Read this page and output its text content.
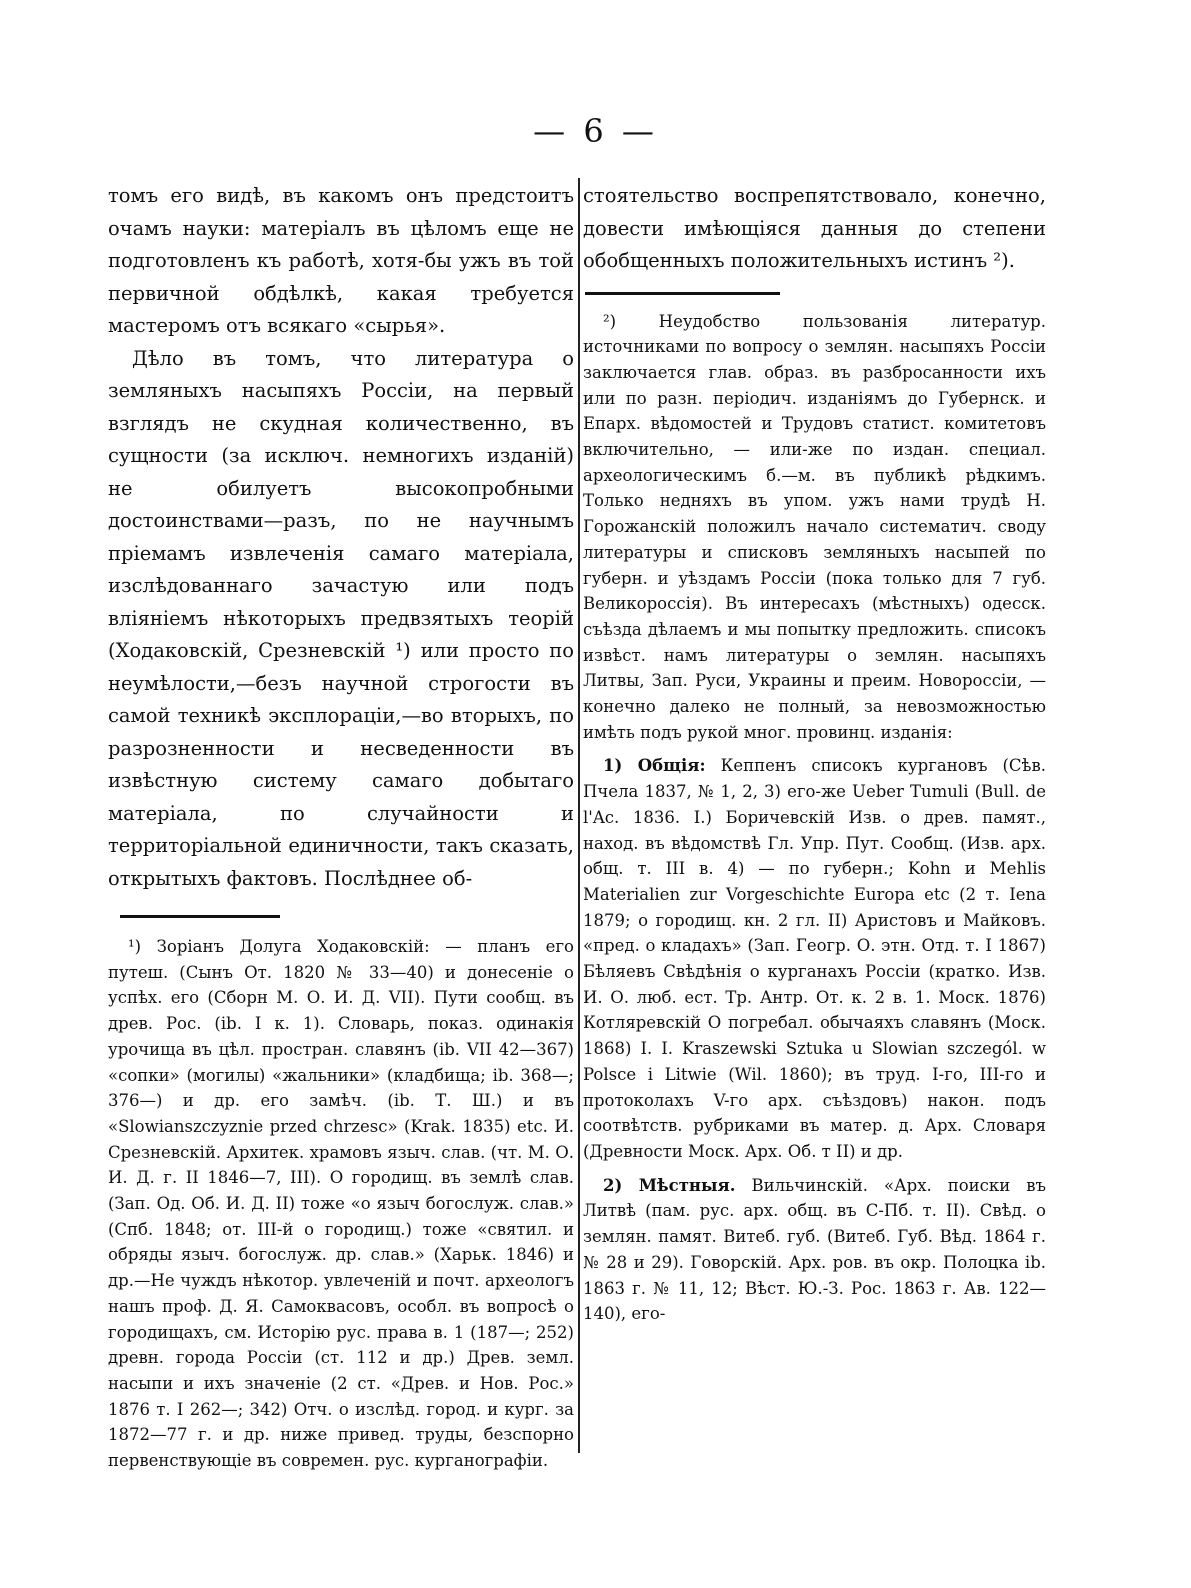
— 6 —

томъ его видѣ, въ какомъ онъ предстоитъ очамъ науки: матеріалъ въ цѣломъ еще не подготовленъ къ работѣ, хотя-бы ужъ въ той первичной обдѣлкѣ, какая требуется мастеромъ отъ всякаго «сырья».

Дѣло въ томъ, что литература о земляныхъ насыпяхъ Россіи, на первый взглядъ не скудная количественно, въ сущности (за исключ. немногихъ изданій) не обилуетъ высокопробными достоинствами—разъ, по не научнымъ пріемамъ извлеченія самаго матеріала, изслѣдованнаго зачастую или подъ вліяніемъ нѣкоторыхъ предвзятыхъ теорій (Ходаковскій, Срезневскій ¹) или просто по неумѣлости,—безъ научной строгости въ самой техникѣ эксплораціи,—во вторыхъ, по разрозненности и несведенности въ извѣстную систему самаго добытаго матеріала, по случайности и территоріальной единичности, такъ сказать, открытыхъ фактовъ. Послѣднее об-

¹) Зоріанъ Долуга Ходаковскій: — планъ его путеш. (Сынъ От. 1820 № 33—40) и донесеніе о успѣх. его (Сборн М. О. И. Д. VII). Пути сообщ. въ древ. Рос. (ib. I к. 1). Словарь, показ. одинакія урочища въ цѣл. простран. славянъ (ib. VII 42—367) «сопки» (могилы) «жальники» (кладбища; ib. 368—; 376—) и др. его замѣч. (ib. Т. Ш.) и въ «Slowianszczyznie przed chrzesc» (Krak. 1835) etc. И. Срезневскій. Архитек. храмовъ языч. слав. (чт. М. О. И. Д. г. II 1846—7, III). О городищ. въ землѣ слав. (Зап. Од. Об. И. Д. II) тоже «о языч богослуж. слав.» (Спб. 1848; от. III-й о городищ.) тоже «святил. и обряды языч. богослуж. др. слав.» (Харьк. 1846) и др.—Не чуждъ нѣкотор. увлеченій и почт. археологъ нашъ проф. Д. Я. Самоквасовъ, особл. въ вопросѣ о городищахъ, см. Исторію рус. права в. 1 (187—; 252) древн. города Россіи (ст. 112 и др.) Древ. земл. насыпи и ихъ значеніе (2 ст. «Древ. и Нов. Рос.» 1876 т. I 262—; 342) Отч. о изслѣд. город. и кург. за 1872—77 г. и др. ниже привед. труды, безспорно первенствующіе въ современ. рус. курганографіи.

стоятельство воспрепятствовало, конечно, довести имѣющіяся данныя до степени обобщенныхъ положительныхъ истинъ ²).

²) Неудобство пользованія литератур. источниками по вопросу о землян. насыпяхъ Россіи заключается глав. образ. въ разбросанности ихъ или по разн. періодич. изданіямъ до Губернск. и Епарх. вѣдомостей и Трудовъ статист. комитетовъ включительно, — или-же по издан. специал. археологическимъ б.—м. въ публикѣ рѣдкимъ. Только недняхъ въ упом. ужъ нами трудѣ Н. Горожанскій положилъ начало систематич. своду литературы и списковъ земляныхъ насыпей по губерн. и уѣздамъ Россіи (пока только для 7 губ. Великороссія). Въ интересахъ (мѣстныхъ) одесск. съѣзда дѣлаемъ и мы попытку предложить. списокъ извѣст. намъ литературы о землян. насыпяхъ Литвы, Зап. Руси, Украины и преим. Новороссіи, — конечно далеко не полный, за невозможностью имѣть подъ рукой мног. провинц. изданія:

1) Общія: Кеппенъ списокъ кургановъ (Сѣв. Пчела 1837, № 1, 2, 3) его-же Ueber Tumuli (Bull. de l'Ac. 1836. I.) Боричевскій Изв. о древ. памят., наход. въ вѣдомствѣ Гл. Упр. Пут. Сообщ. (Изв. арх. общ. т. III в. 4) — по губерн.; Kohn и Mehlis Materialien zur Vorgeschichte Europa etc (2 т. Iena 1879; о городищ. кн. 2 гл. II) Аристовъ и Майковъ. «пред. о кладахъ» (Зап. Геогр. О. этн. Отд. т. I 1867) Бѣляевъ Свѣдѣнія о курганахъ Россіи (кратко. Изв. И. О. люб. ест. Тр. Антр. От. к. 2 в. 1. Моск. 1876) Котляревскій О погребал. обычаяхъ славянъ (Моск. 1868) I. I. Kraszewski Sztuka u Slowian szczegól. w Polsce i Litwie (Wil. 1860); въ труд. I-го, III-го и протоколахъ V-го арх. съѣздовъ) након. подъ соотвѣтств. рубриками въ матер. д. Арх. Словаря (Древности Моск. Арх. Об. т II) и др.

2) Мѣстныя. Вильчинскій. «Арх. поиски въ Литвѣ (пам. рус. арх. общ. въ С-Пб. т. II). Свѣд. о землян. памят. Витеб. губ. (Витеб. Губ. Вѣд. 1864 г. № 28 и 29). Говорскій. Арх. ров. въ окр. Полоцка ib. 1863 г. № 11, 12; Вѣст. Ю.-З. Рос. 1863 г. Ав. 122—140), его-
